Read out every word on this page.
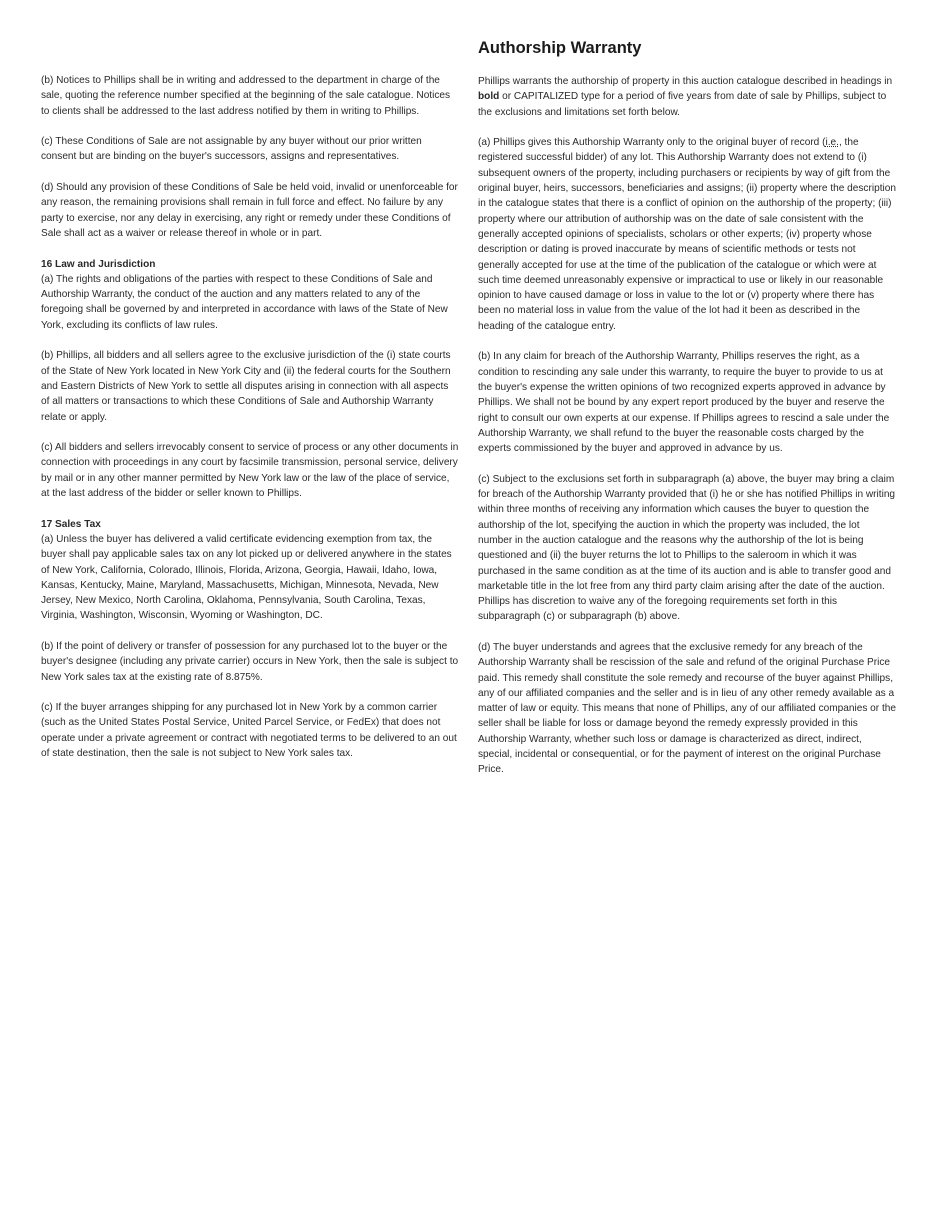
(b) Notices to Phillips shall be in writing and addressed to the department in charge of the sale, quoting the reference number specified at the beginning of the sale catalogue. Notices to clients shall be addressed to the last address notified by them in writing to Phillips.

(c) These Conditions of Sale are not assignable by any buyer without our prior written consent but are binding on the buyer's successors, assigns and representatives.

(d) Should any provision of these Conditions of Sale be held void, invalid or unenforceable for any reason, the remaining provisions shall remain in full force and effect. No failure by any party to exercise, nor any delay in exercising, any right or remedy under these Conditions of Sale shall act as a waiver or release thereof in whole or in part.

16 Law and Jurisdiction

(a) The rights and obligations of the parties with respect to these Conditions of Sale and Authorship Warranty, the conduct of the auction and any matters related to any of the foregoing shall be governed by and interpreted in accordance with laws of the State of New York, excluding its conflicts of law rules.

(b) Phillips, all bidders and all sellers agree to the exclusive jurisdiction of the (i) state courts of the State of New York located in New York City and (ii) the federal courts for the Southern and Eastern Districts of New York to settle all disputes arising in connection with all aspects of all matters or transactions to which these Conditions of Sale and Authorship Warranty relate or apply.

(c) All bidders and sellers irrevocably consent to service of process or any other documents in connection with proceedings in any court by facsimile transmission, personal service, delivery by mail or in any other manner permitted by New York law or the law of the place of service, at the last address of the bidder or seller known to Phillips.

17 Sales Tax

(a) Unless the buyer has delivered a valid certificate evidencing exemption from tax, the buyer shall pay applicable sales tax on any lot picked up or delivered anywhere in the states of New York, California, Colorado, Illinois, Florida, Arizona, Georgia, Hawaii, Idaho, Iowa, Kansas, Kentucky, Maine, Maryland, Massachusetts, Michigan, Minnesota, Nevada, New Jersey, New Mexico, North Carolina, Oklahoma, Pennsylvania, South Carolina, Texas, Virginia, Washington, Wisconsin, Wyoming or Washington, DC.

(b) If the point of delivery or transfer of possession for any purchased lot to the buyer or the buyer's designee (including any private carrier) occurs in New York, then the sale is subject to New York sales tax at the existing rate of 8.875%.

(c) If the buyer arranges shipping for any purchased lot in New York by a common carrier (such as the United States Postal Service, United Parcel Service, or FedEx) that does not operate under a private agreement or contract with negotiated terms to be delivered to an out of state destination, then the sale is not subject to New York sales tax.

Authorship Warranty

Phillips warrants the authorship of property in this auction catalogue described in headings in bold or CAPITALIZED type for a period of five years from date of sale by Phillips, subject to the exclusions and limitations set forth below.

(a) Phillips gives this Authorship Warranty only to the original buyer of record (i.e., the registered successful bidder) of any lot. This Authorship Warranty does not extend to (i) subsequent owners of the property, including purchasers or recipients by way of gift from the original buyer, heirs, successors, beneficiaries and assigns; (ii) property where the description in the catalogue states that there is a conflict of opinion on the authorship of the property; (iii) property where our attribution of authorship was on the date of sale consistent with the generally accepted opinions of specialists, scholars or other experts; (iv) property whose description or dating is proved inaccurate by means of scientific methods or tests not generally accepted for use at the time of the publication of the catalogue or which were at such time deemed unreasonably expensive or impractical to use or likely in our reasonable opinion to have caused damage or loss in value to the lot or (v) property where there has been no material loss in value from the value of the lot had it been as described in the heading of the catalogue entry.

(b) In any claim for breach of the Authorship Warranty, Phillips reserves the right, as a condition to rescinding any sale under this warranty, to require the buyer to provide to us at the buyer's expense the written opinions of two recognized experts approved in advance by Phillips. We shall not be bound by any expert report produced by the buyer and reserve the right to consult our own experts at our expense. If Phillips agrees to rescind a sale under the Authorship Warranty, we shall refund to the buyer the reasonable costs charged by the experts commissioned by the buyer and approved in advance by us.

(c) Subject to the exclusions set forth in subparagraph (a) above, the buyer may bring a claim for breach of the Authorship Warranty provided that (i) he or she has notified Phillips in writing within three months of receiving any information which causes the buyer to question the authorship of the lot, specifying the auction in which the property was included, the lot number in the auction catalogue and the reasons why the authorship of the lot is being questioned and (ii) the buyer returns the lot to Phillips to the saleroom in which it was purchased in the same condition as at the time of its auction and is able to transfer good and marketable title in the lot free from any third party claim arising after the date of the auction. Phillips has discretion to waive any of the foregoing requirements set forth in this subparagraph (c) or subparagraph (b) above.

(d) The buyer understands and agrees that the exclusive remedy for any breach of the Authorship Warranty shall be rescission of the sale and refund of the original Purchase Price paid. This remedy shall constitute the sole remedy and recourse of the buyer against Phillips, any of our affiliated companies and the seller and is in lieu of any other remedy available as a matter of law or equity. This means that none of Phillips, any of our affiliated companies or the seller shall be liable for loss or damage beyond the remedy expressly provided in this Authorship Warranty, whether such loss or damage is characterized as direct, indirect, special, incidental or consequential, or for the payment of interest on the original Purchase Price.
